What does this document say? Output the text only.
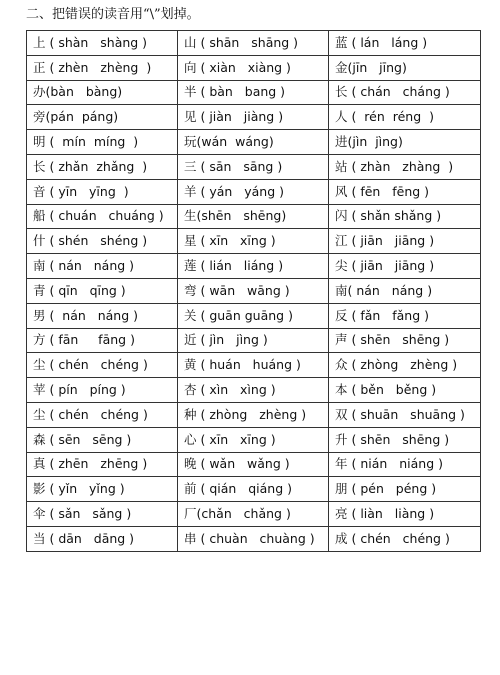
二、把错误的读音用“\”划掉。
上 ( shàn   shàng )	山 ( shān   shāng )	蓝 ( lán   láng )
正 ( zhèn   zhèng  )	向 ( xiàn   xiàng )	金(jīn   jīng)
办(bàn   bàng)	半 ( bàn   bang )	长 ( chán   cháng )
旁(pán  páng)	见 ( jiàn   jiàng )	人 (  rén  réng  )
明 (  mín  míng  )	玩(wán  wáng)	进(jìn  jìng)
长 ( zhǎn  zhǎng  )	三 ( sān   sāng )	站 ( zhàn   zhàng  )
音 ( yīn   yīng  )	羊 ( yán   yáng )	风 ( fēn   fēng )
船 ( chuán   chuáng )	生(shēn   shēng)	闪 ( shǎn shǎng )
什 ( shén   shéng )	星 ( xīn   xīng )	江 ( jiān   jiāng )
南 ( nán   náng )	莲 ( lián   liáng )	尖 ( jiān   jiāng )
青 ( qīn   qīng )	弯 ( wān   wāng )	南( nán   náng )
男 (  nán   náng )	关 ( guān guāng )	反 ( fǎn   fǎng )
方 ( fān     fāng )	近 ( jìn   jìng )	声 ( shēn   shēng )
尘 ( chén   chéng )	黄 ( huán   huáng )	众 ( zhòng   zhèng )
苹 ( pín   píng )	杏 ( xìn   xìng )	本 ( běn   běng )
尘 ( chén   chéng )	种 ( zhòng   zhèng )	双 ( shuān   shuāng )
森 ( sēn   sēng )	心 ( xīn   xīng )	升 ( shēn   shēng )
真 ( zhēn   zhēng )	晚 ( wǎn   wǎng )	年 ( nián   niáng )
影 ( yǐn   yǐng )	前 ( qián   qiáng )	朋 ( pén   péng )
伞 ( sǎn   sǎng )	厂(chǎn   chǎng )	亮 ( liàn   liàng )
当 ( dān   dāng )	串 ( chuàn   chuàng )	成 ( chén   chéng )
